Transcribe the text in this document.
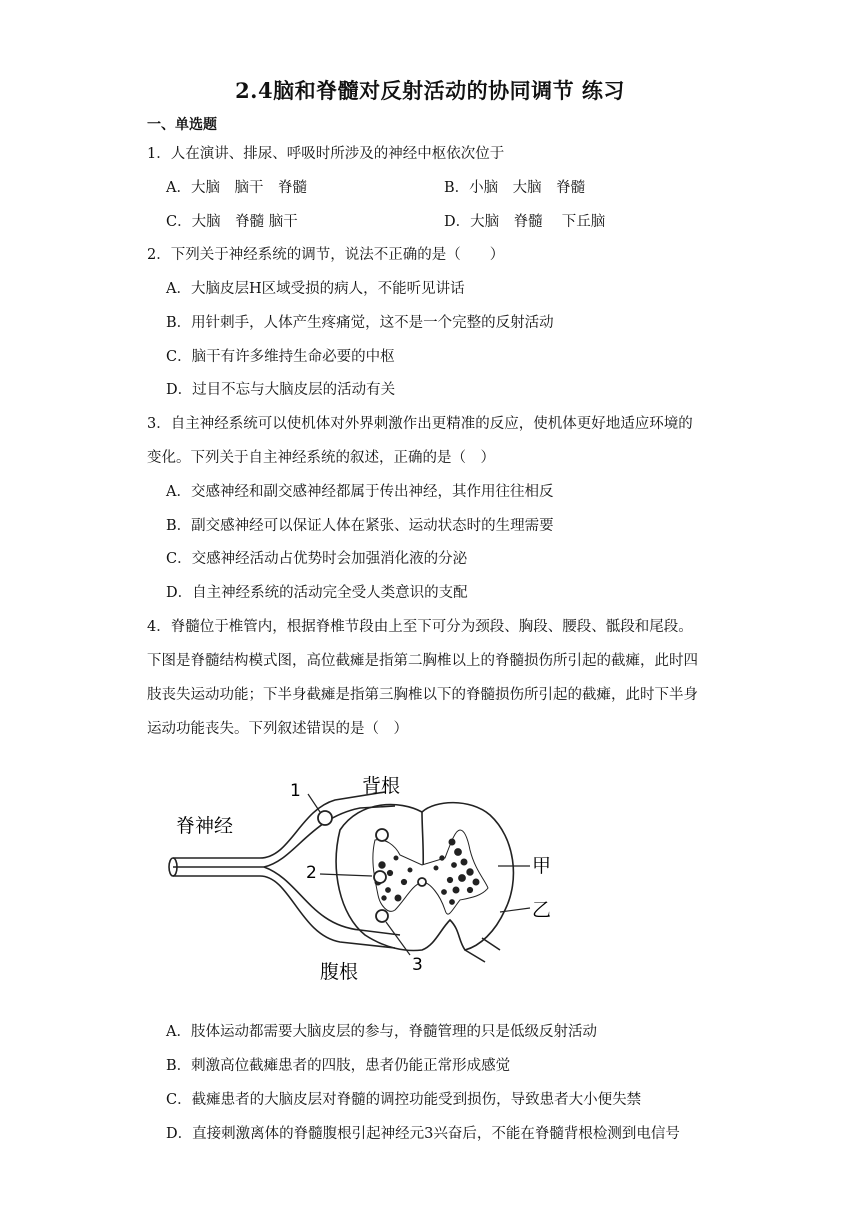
2.4脑和脊髓对反射活动的协同调节 练习
一、单选题
1．人在演讲、排尿、呼吸时所涉及的神经中枢依次位于
A．大脑　脑干　脊髓	B．小脑　大脑　脊髓
C．大脑　脊髓 脑干	D．大脑　脊髓　 下丘脑
2．下列关于神经系统的调节，说法不正确的是（　　）
A．大脑皮层H区域受损的病人，不能听见讲话
B．用针刺手，人体产生疼痛觉，这不是一个完整的反射活动
C．脑干有许多维持生命必要的中枢
D．过目不忘与大脑皮层的活动有关
3．自主神经系统可以使机体对外界刺激作出更精准的反应，使机体更好地适应环境的
变化。下列关于自主神经系统的叙述，正确的是（　）
A．交感神经和副交感神经都属于传出神经，其作用往往相反
B．副交感神经可以保证人体在紧张、运动状态时的生理需要
C．交感神经活动占优势时会加强消化液的分泌
D．自主神经系统的活动完全受人类意识的支配
4．脊髓位于椎管内，根据脊椎节段由上至下可分为颈段、胸段、腰段、骶段和尾段。
下图是脊髓结构模式图，高位截瘫是指第二胸椎以上的脊髓损伤所引起的截瘫，此时四
肢丧失运动功能；下半身截瘫是指第三胸椎以下的脊髓损伤所引起的截瘫，此时下半身
运动功能丧失。下列叙述错误的是（　）
脊神经
背根
腹根
甲
乙
1
2
3
A．肢体运动都需要大脑皮层的参与，脊髓管理的只是低级反射活动
B．刺激高位截瘫患者的四肢，患者仍能正常形成感觉
C．截瘫患者的大脑皮层对脊髓的调控功能受到损伤，导致患者大小便失禁
D．直接刺激离体的脊髓腹根引起神经元3兴奋后，不能在脊髓背根检测到电信号
